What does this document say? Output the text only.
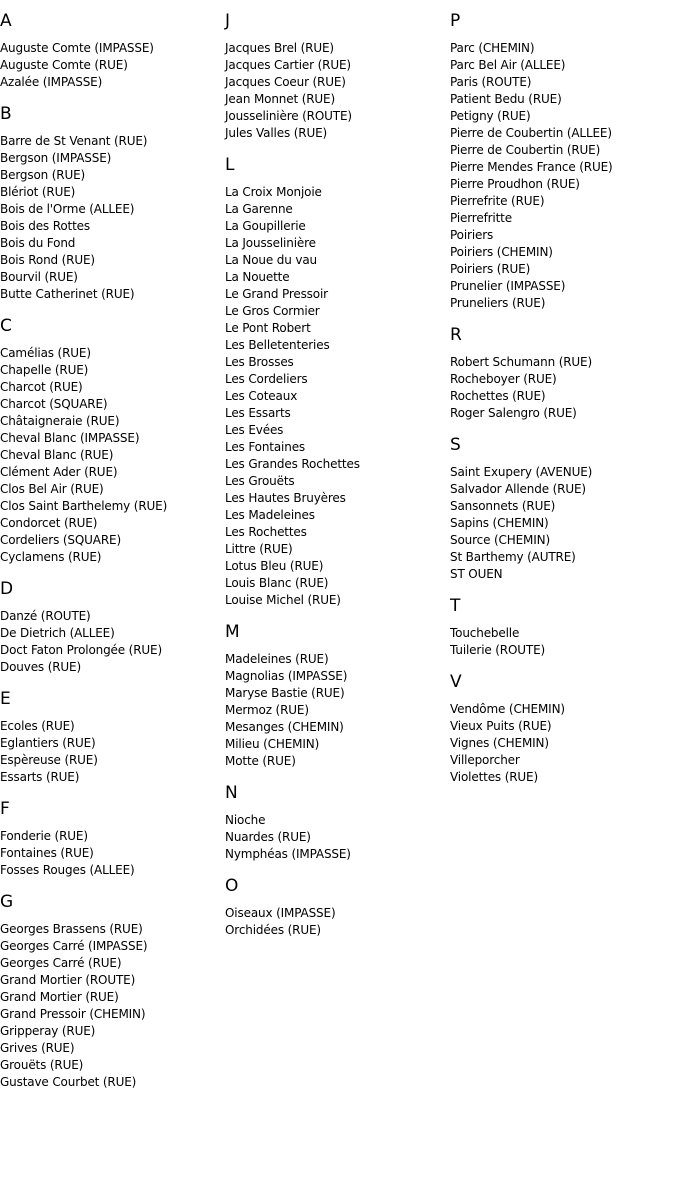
A
Auguste Comte (IMPASSE)
Auguste Comte (RUE)
Azalée (IMPASSE)
B
Barre de St Venant (RUE)
Bergson (IMPASSE)
Bergson (RUE)
Blériot (RUE)
Bois de l'Orme (ALLEE)
Bois des Rottes
Bois du Fond
Bois Rond (RUE)
Bourvil (RUE)
Butte Catherinet (RUE)
C
Camélias (RUE)
Chapelle (RUE)
Charcot (RUE)
Charcot (SQUARE)
Châtaigneraie (RUE)
Cheval Blanc (IMPASSE)
Cheval Blanc (RUE)
Clément Ader (RUE)
Clos Bel Air (RUE)
Clos Saint Barthelemy (RUE)
Condorcet (RUE)
Cordeliers (SQUARE)
Cyclamens (RUE)
D
Danzé (ROUTE)
De Dietrich (ALLEE)
Doct Faton Prolongée (RUE)
Douves (RUE)
E
Ecoles (RUE)
Eglantiers (RUE)
Espèreuse (RUE)
Essarts (RUE)
F
Fonderie (RUE)
Fontaines (RUE)
Fosses Rouges (ALLEE)
G
Georges Brassens (RUE)
Georges Carré (IMPASSE)
Georges Carré (RUE)
Grand Mortier (ROUTE)
Grand Mortier (RUE)
Grand Pressoir (CHEMIN)
Gripperay (RUE)
Grives (RUE)
Grouëts (RUE)
Gustave Courbet (RUE)
J
Jacques Brel (RUE)
Jacques Cartier (RUE)
Jacques Coeur (RUE)
Jean Monnet (RUE)
Jousselinière (ROUTE)
Jules Valles (RUE)
L
La Croix Monjoie
La Garenne
La Goupillerie
La Jousselinière
La Noue du vau
La Nouette
Le Grand Pressoir
Le Gros Cormier
Le Pont Robert
Les Belletenteries
Les Brosses
Les Cordeliers
Les Coteaux
Les Essarts
Les Evées
Les Fontaines
Les Grandes Rochettes
Les Grouëts
Les Hautes Bruyères
Les Madeleines
Les Rochettes
Littre (RUE)
Lotus Bleu (RUE)
Louis Blanc (RUE)
Louise Michel (RUE)
M
Madeleines (RUE)
Magnolias (IMPASSE)
Maryse Bastie (RUE)
Mermoz (RUE)
Mesanges (CHEMIN)
Milieu (CHEMIN)
Motte (RUE)
N
Nioche
Nuardes (RUE)
Nymphéas (IMPASSE)
O
Oiseaux (IMPASSE)
Orchidées (RUE)
P
Parc (CHEMIN)
Parc Bel Air (ALLEE)
Paris (ROUTE)
Patient Bedu (RUE)
Petigny (RUE)
Pierre de Coubertin (ALLEE)
Pierre de Coubertin (RUE)
Pierre Mendes France (RUE)
Pierre Proudhon (RUE)
Pierrefrite (RUE)
Pierrefritte
Poiriers
Poiriers (CHEMIN)
Poiriers (RUE)
Prunelier (IMPASSE)
Pruneliers (RUE)
R
Robert Schumann (RUE)
Rocheboyer (RUE)
Rochettes (RUE)
Roger Salengro (RUE)
S
Saint Exupery (AVENUE)
Salvador Allende (RUE)
Sansonnets (RUE)
Sapins (CHEMIN)
Source (CHEMIN)
St Barthemy (AUTRE)
ST OUEN
T
Touchebelle
Tuilerie (ROUTE)
V
Vendôme (CHEMIN)
Vieux Puits (RUE)
Vignes (CHEMIN)
Villeporcher
Violettes (RUE)
